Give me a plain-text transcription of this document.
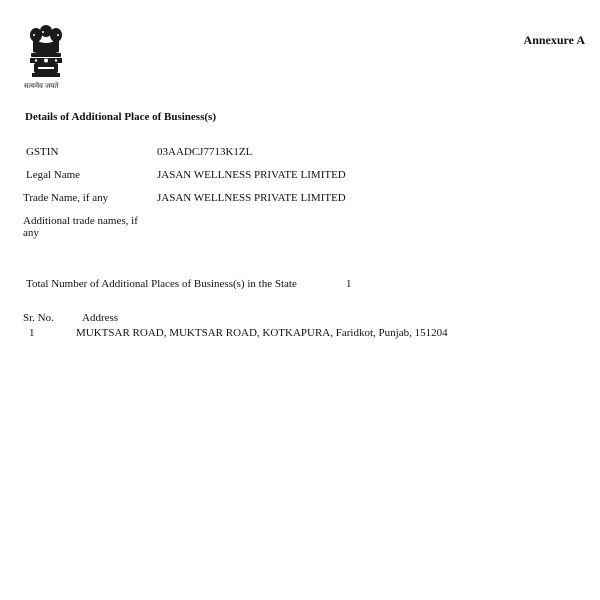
सत्यमेव जयते
Annexure A
Details of Additional Place of Business(s)
GSTIN	03AADCJ7713K1ZL
Legal Name	JASAN WELLNESS PRIVATE LIMITED
Trade Name, if any	JASAN WELLNESS PRIVATE LIMITED
Additional trade names, if any
Total Number of Additional Places of Business(s) in the State	1
Sr. No.	Address
1	MUKTSAR ROAD, MUKTSAR ROAD, KOTKAPURA, Faridkot, Punjab, 151204
